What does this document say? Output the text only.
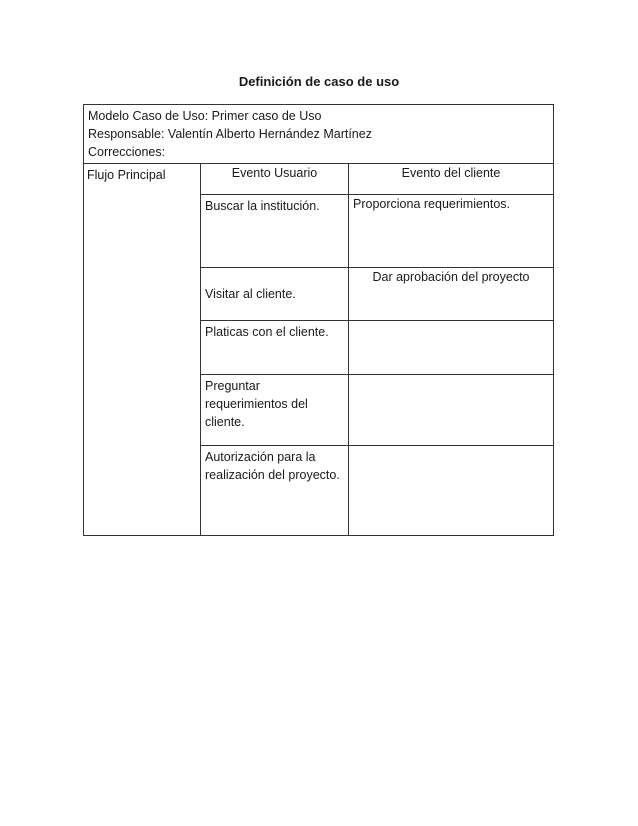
Definición de caso de uso
Modelo Caso de Uso: Primer caso de Uso
Responsable: Valentín Alberto Hernández Martínez
Correcciones:		

Flujo Principal	Evento Usuario	Evento del cliente
	Buscar la institución.	Proporciona requerimientos.
	Visitar al cliente.	Dar aprobación del proyecto
	Platicas con el cliente.	
	Preguntar requerimientos del cliente.	
	Autorización para la realización del proyecto.	
